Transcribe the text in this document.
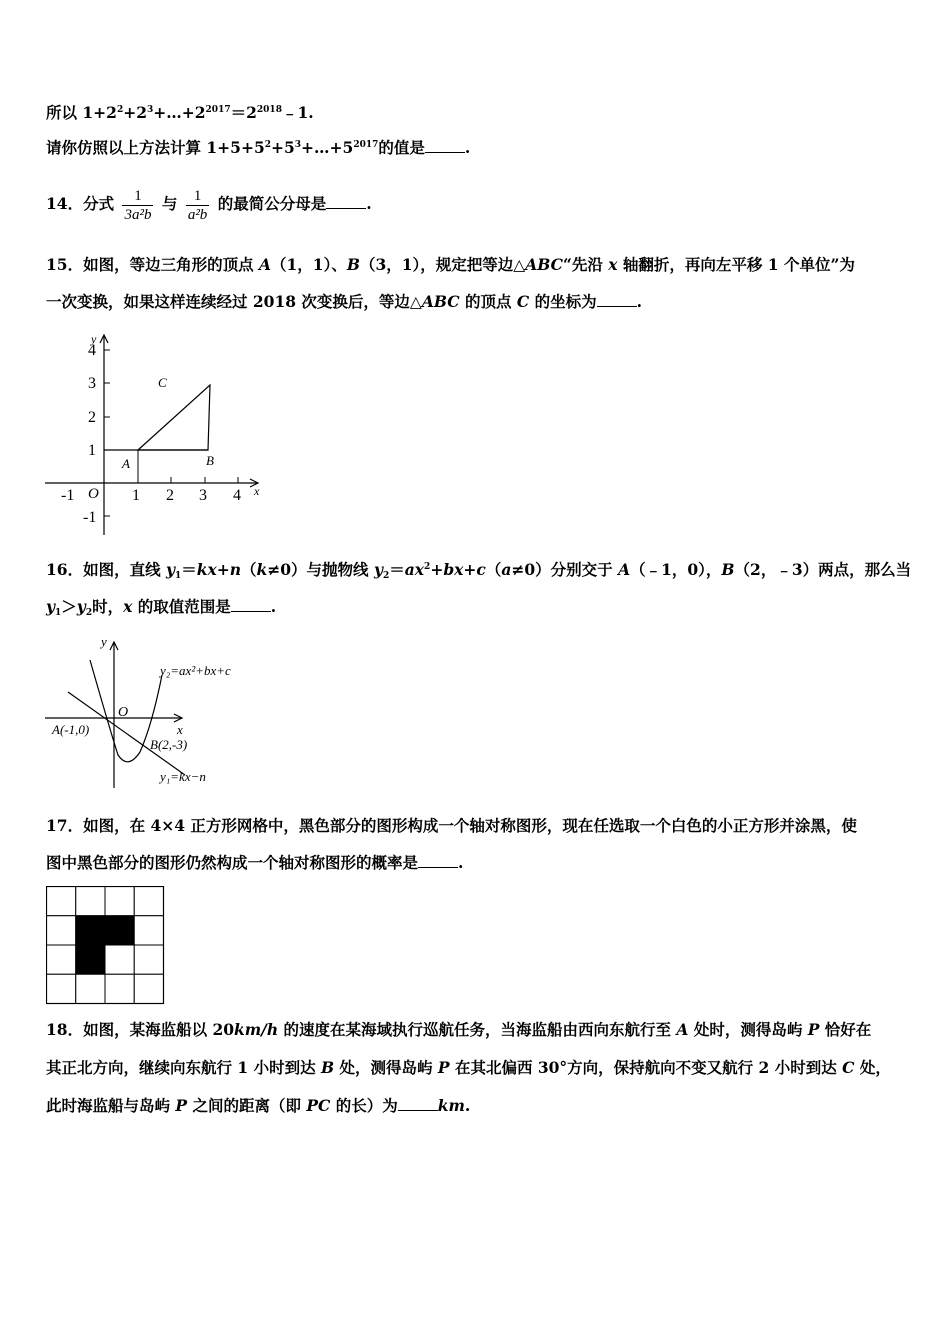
所以 $1+2^2+2^3+\dots+2^{2017}=2^{2018}﹣1$.
请你仿照以上方法计算 $1+5+5^2+5^3+\dots+5^{2017}$的值是	.
14．分式 $\frac{1}{\text{3a²b}}$ 与 $\frac{1}{\text{a²b}}$ 的最简公分母是	.
15．如图，等边三角形的顶点 A（1，1）、B（3，1），规定把等边△ABC“先沿 x 轴翻折，再向左平移 1 个单位”为
一次变换，如果这样连续经过 2018 次变换后，等边△ABC 的顶点 C 的坐标为	.
y
x
4
3
2
1
-1
-1	1 2 3 4
O
A	B
C
16．如图，直线 $y_1=kx+n(k\ne 0)$与抛物线 $y_2=ax^2+bx+c(a\ne 0)$分别交于 A（﹣1，0），B（2，﹣3）两点，那么当
$y_1>y_2$时，x 的取值范围是	.
y
x
O
y₂=ax²+bx+c
y₁=kx−n
A(-1,0)
B(2,-3)
17．如图，在 4×4 正方形网格中，黑色部分的图形构成一个轴对称图形，现在任选取一个白色的小正方形并涂黑，使
图中黑色部分的图形仍然构成一个轴对称图形的概率是	.
18．如图，某海监船以 20km/h 的速度在某海域执行巡航任务，当海监船由西向东航行至 A 处时，测得岛屿 P 恰好在
其正北方向，继续向东航行 1 小时到达 B 处，测得岛屿 P 在其北偏西 30°方向，保持航向不变又航行 2 小时到达 C 处，
此时海监船与岛屿 P 之间的距离（即 PC 的长）为	km.
